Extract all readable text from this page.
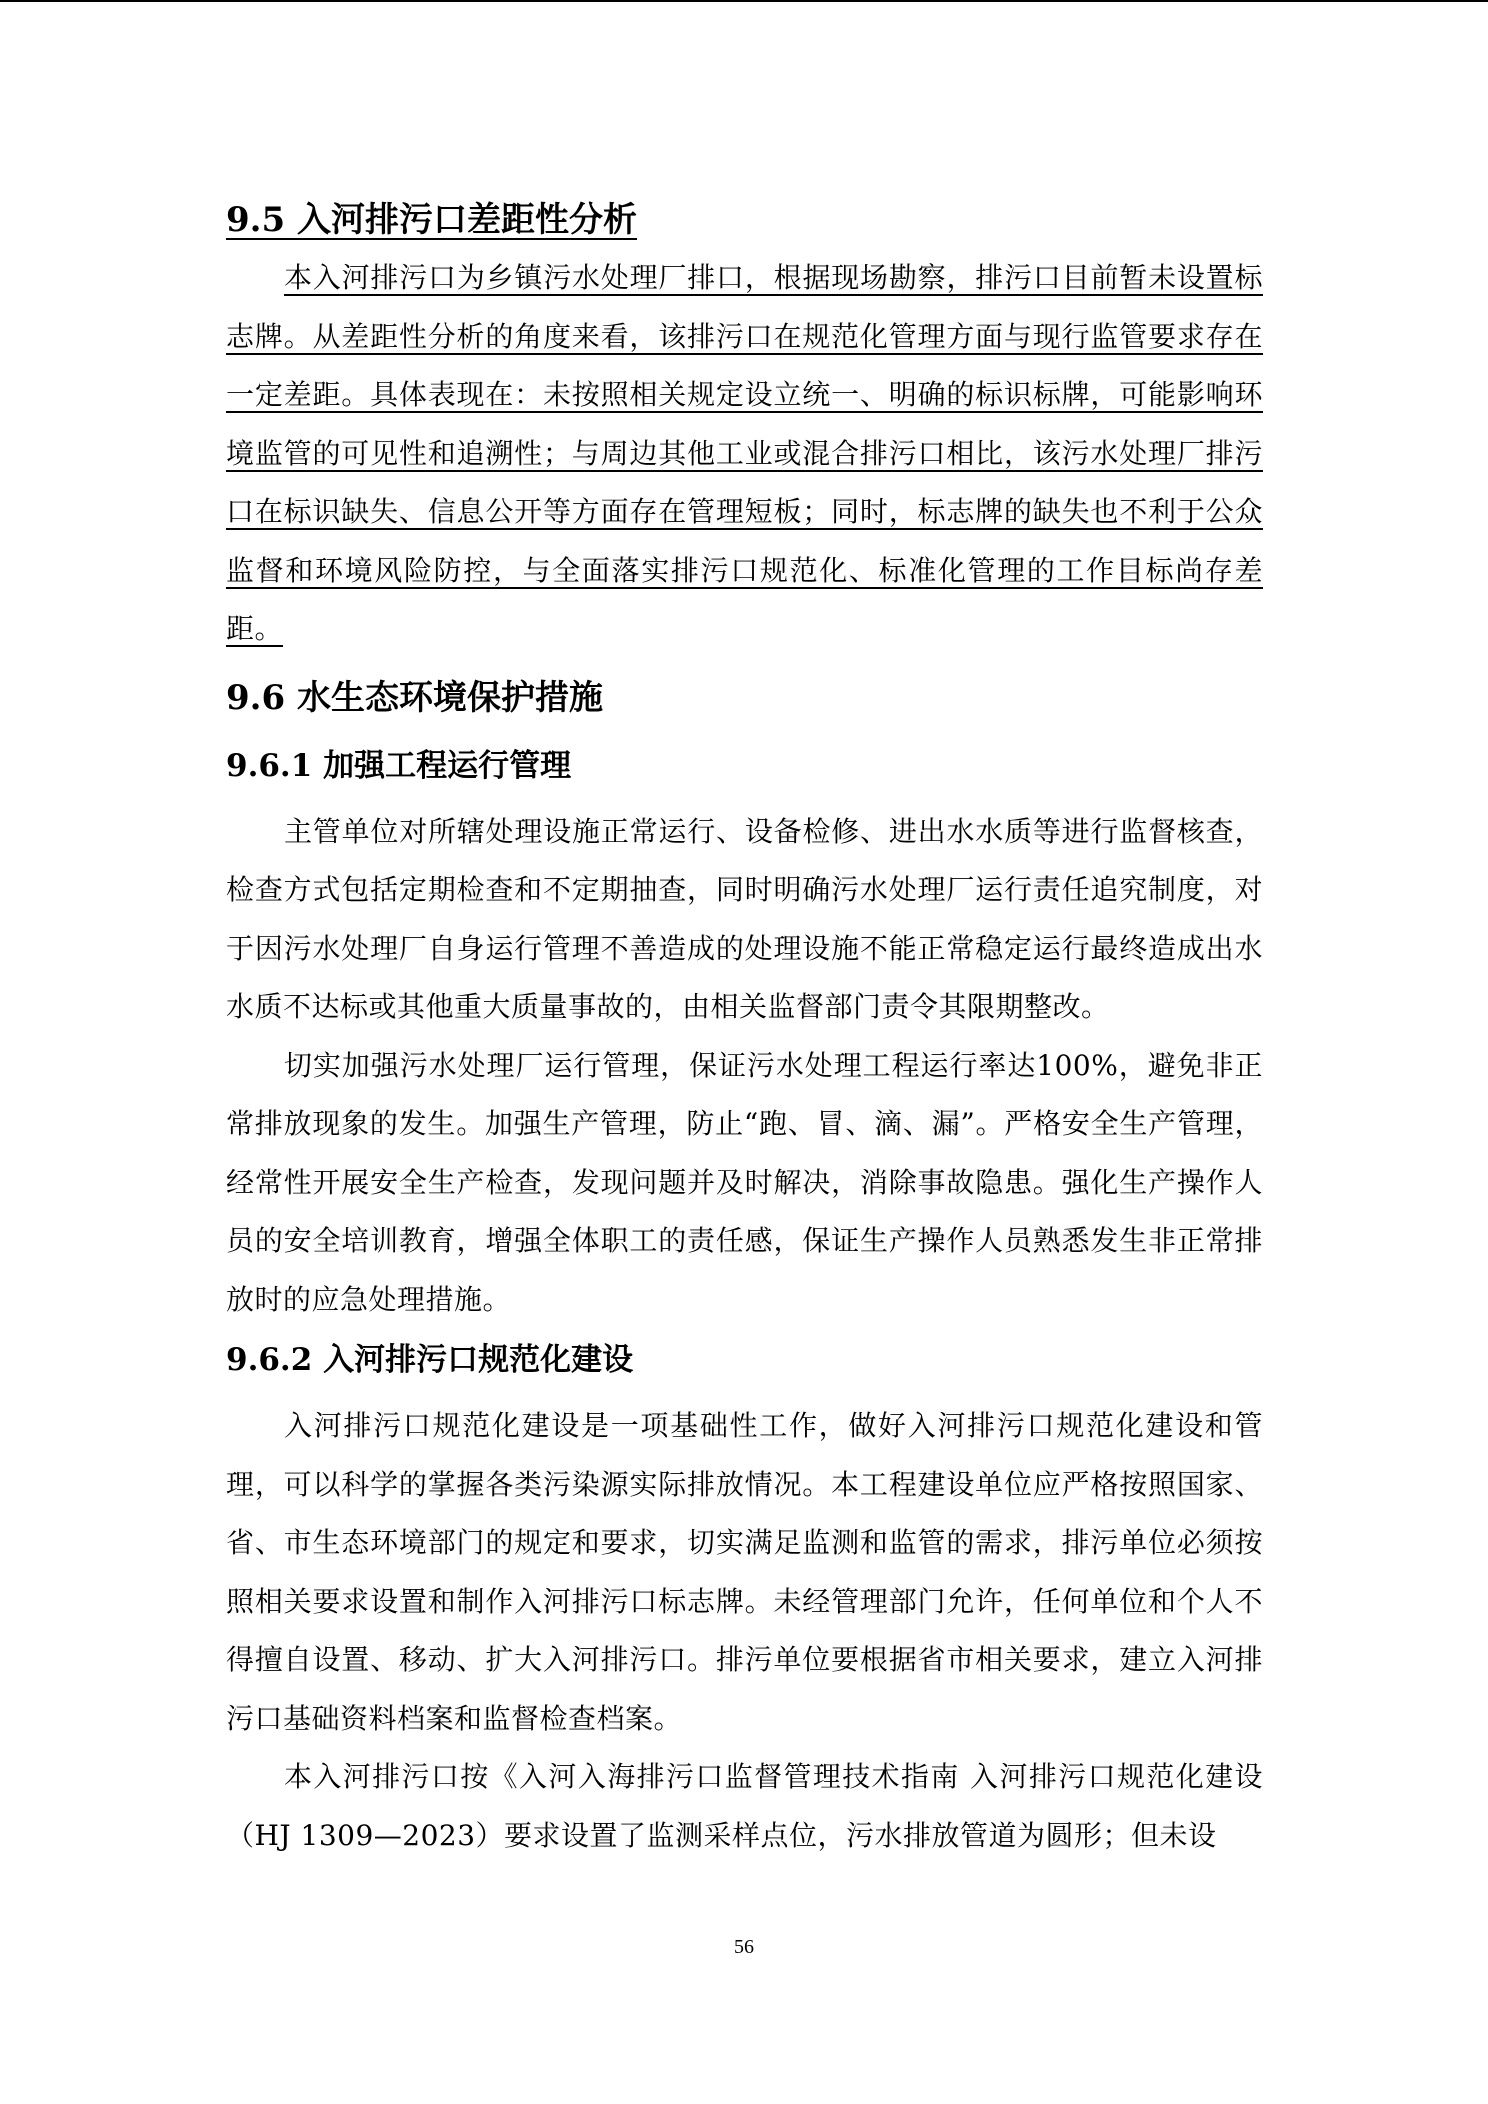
9.5 入河排污口差距性分析

本入河排污口为乡镇污水处理厂排口，根据现场勘察，排污口目前暂未设置标志牌。从差距性分析的角度来看，该排污口在规范化管理方面与现行监管要求存在一定差距。具体表现在：未按照相关规定设立统一、明确的标识标牌，可能影响环境监管的可见性和追溯性；与周边其他工业或混合排污口相比，该污水处理厂排污口在标识缺失、信息公开等方面存在管理短板；同时，标志牌的缺失也不利于公众监督和环境风险防控，与全面落实排污口规范化、标准化管理的工作目标尚存差距。

9.6 水生态环境保护措施
9.6.1 加强工程运行管理

主管单位对所辖处理设施正常运行、设备检修、进出水水质等进行监督核查，检查方式包括定期检查和不定期抽查，同时明确污水处理厂运行责任追究制度，对于因污水处理厂自身运行管理不善造成的处理设施不能正常稳定运行最终造成出水水质不达标或其他重大质量事故的，由相关监督部门责令其限期整改。

切实加强污水处理厂运行管理，保证污水处理工程运行率达100%，避免非正常排放现象的发生。加强生产管理，防止“跑、冒、滴、漏”。严格安全生产管理，经常性开展安全生产检查，发现问题并及时解决，消除事故隐患。强化生产操作人员的安全培训教育，增强全体职工的责任感，保证生产操作人员熟悉发生非正常排放时的应急处理措施。

9.6.2 入河排污口规范化建设

入河排污口规范化建设是一项基础性工作，做好入河排污口规范化建设和管理，可以科学的掌握各类污染源实际排放情况。本工程建设单位应严格按照国家、省、市生态环境部门的规定和要求，切实满足监测和监管的需求，排污单位必须按照相关要求设置和制作入河排污口标志牌。未经管理部门允许，任何单位和个人不得擅自设置、移动、扩大入河排污口。排污单位要根据省市相关要求，建立入河排污口基础资料档案和监督检查档案。

本入河排污口按《入河入海排污口监督管理技术指南 入河排污口规范化建设（HJ 1309—2023）要求设置了监测采样点位，污水排放管道为圆形；但未设

56
